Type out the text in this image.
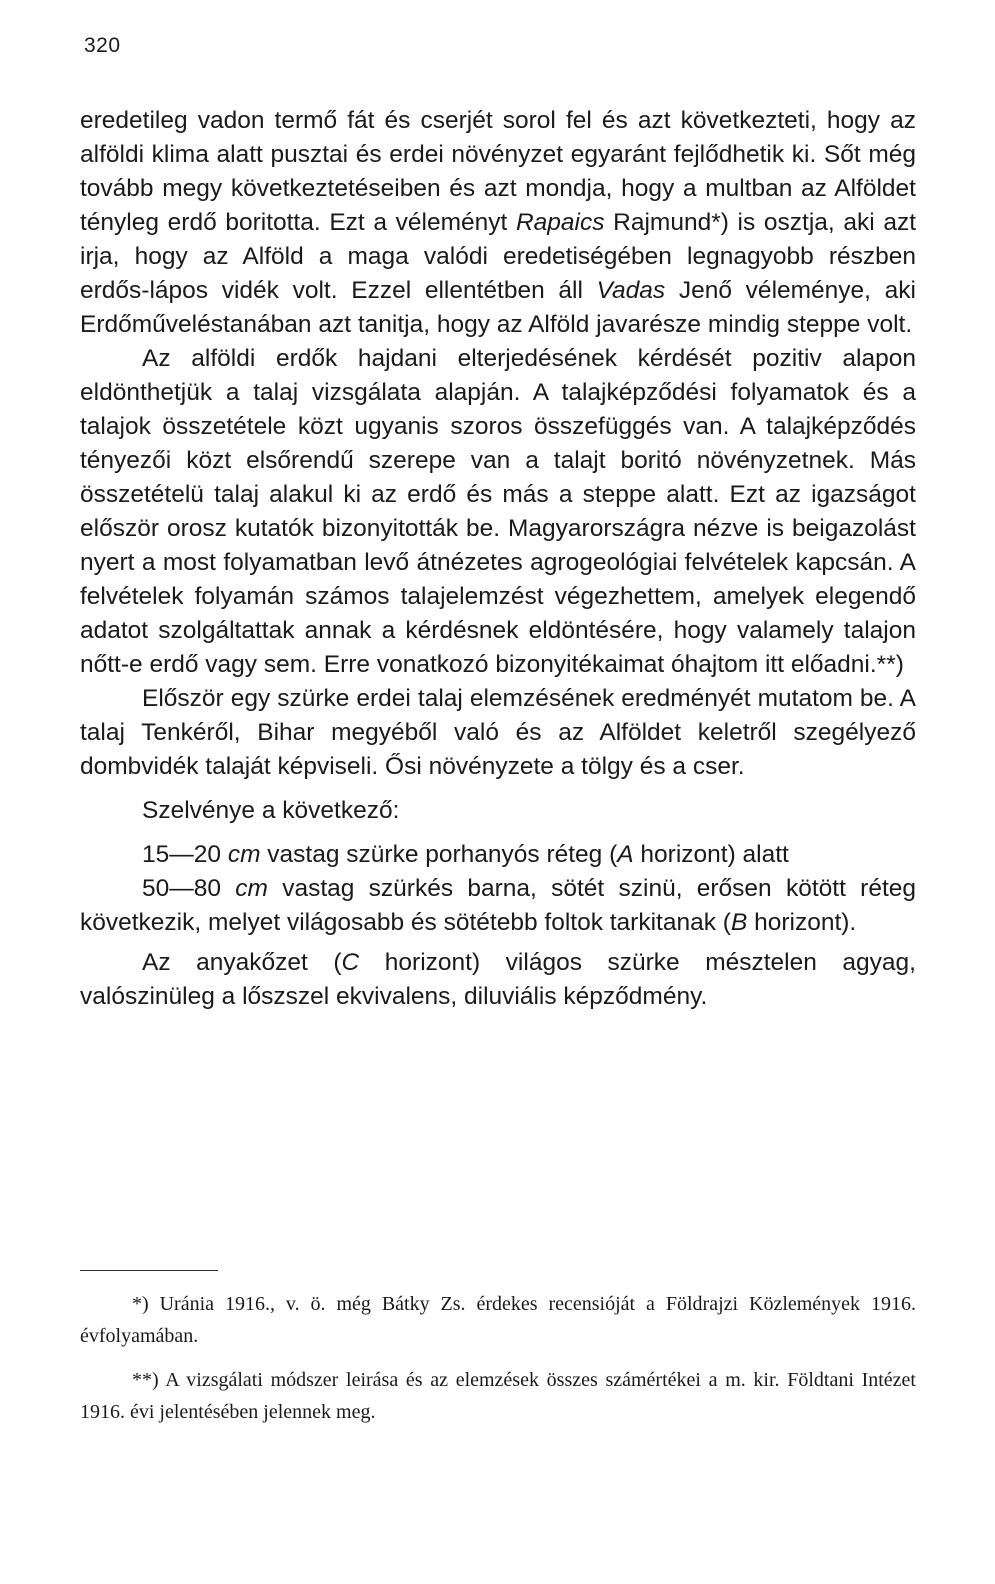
320

eredetileg vadon termő fát és cserjét sorol fel és azt következteti, hogy az alföldi klima alatt pusztai és erdei növényzet egyaránt fejlődhetik ki. Sőt még tovább megy következtetéseiben és azt mondja, hogy a multban az Alföldet tényleg erdő boritotta. Ezt a véleményt Rapaics Rajmund*) is osztja, aki azt irja, hogy az Alföld a maga valódi eredetiségében legnagyobb részben erdős-lápos vidék volt. Ezzel ellentétben áll Vadas Jenő véleménye, aki Erdőműveléstanában azt tanitja, hogy az Alföld javarésze mindig steppe volt.

Az alföldi erdők hajdani elterjedésének kérdését pozitiv alapon eldönthetjük a talaj vizsgálata alapján. A talajképződési folyamatok és a talajok összetétele közt ugyanis szoros összefüggés van. A talajképződés tényezői közt elsőrendű szerepe van a talajt boritó növényzetnek. Más összetételü talaj alakul ki az erdő és más a steppe alatt. Ezt az igazságot először orosz kutatók bizonyitották be. Magyarországra nézve is beigazolást nyert a most folyamatban levő átnézetes agrogeológiai felvételek kapcsán. A felvételek folyamán számos talajelemzést végezhettem, amelyek elegendő adatot szolgáltattak annak a kérdésnek eldöntésére, hogy valamely talajon nőtt-e erdő vagy sem. Erre vonatkozó bizonyitékaimat óhajtom itt előadni.**)

Először egy szürke erdei talaj elemzésének eredményét mutatom be. A talaj Tenkéről, Bihar megyéből való és az Alföldet keletről szegélyező dombvidék talaját képviseli. Ősi növényzete a tölgy és a cser.

Szelvénye a következő:

15—20 cm vastag szürke porhanyós réteg (A horizont) alatt

50—80 cm vastag szürkés barna, sötét szinü, erősen kötött réteg következik, melyet világosabb és sötétebb foltok tarkitanak (B horizont).

Az anyakőzet (C horizont) világos szürke mésztelen agyag, valószinüleg a lőszszel ekvivalens, diluviális képződmény.

*) Uránia 1916., v. ö. még Bátky Zs. érdekes recensióját a Földrajzi Közlemények 1916. évfolyamában.

**) A vizsgálati módszer leirása és az elemzések összes számértékei a m. kir. Földtani Intézet 1916. évi jelentésében jelennek meg.
